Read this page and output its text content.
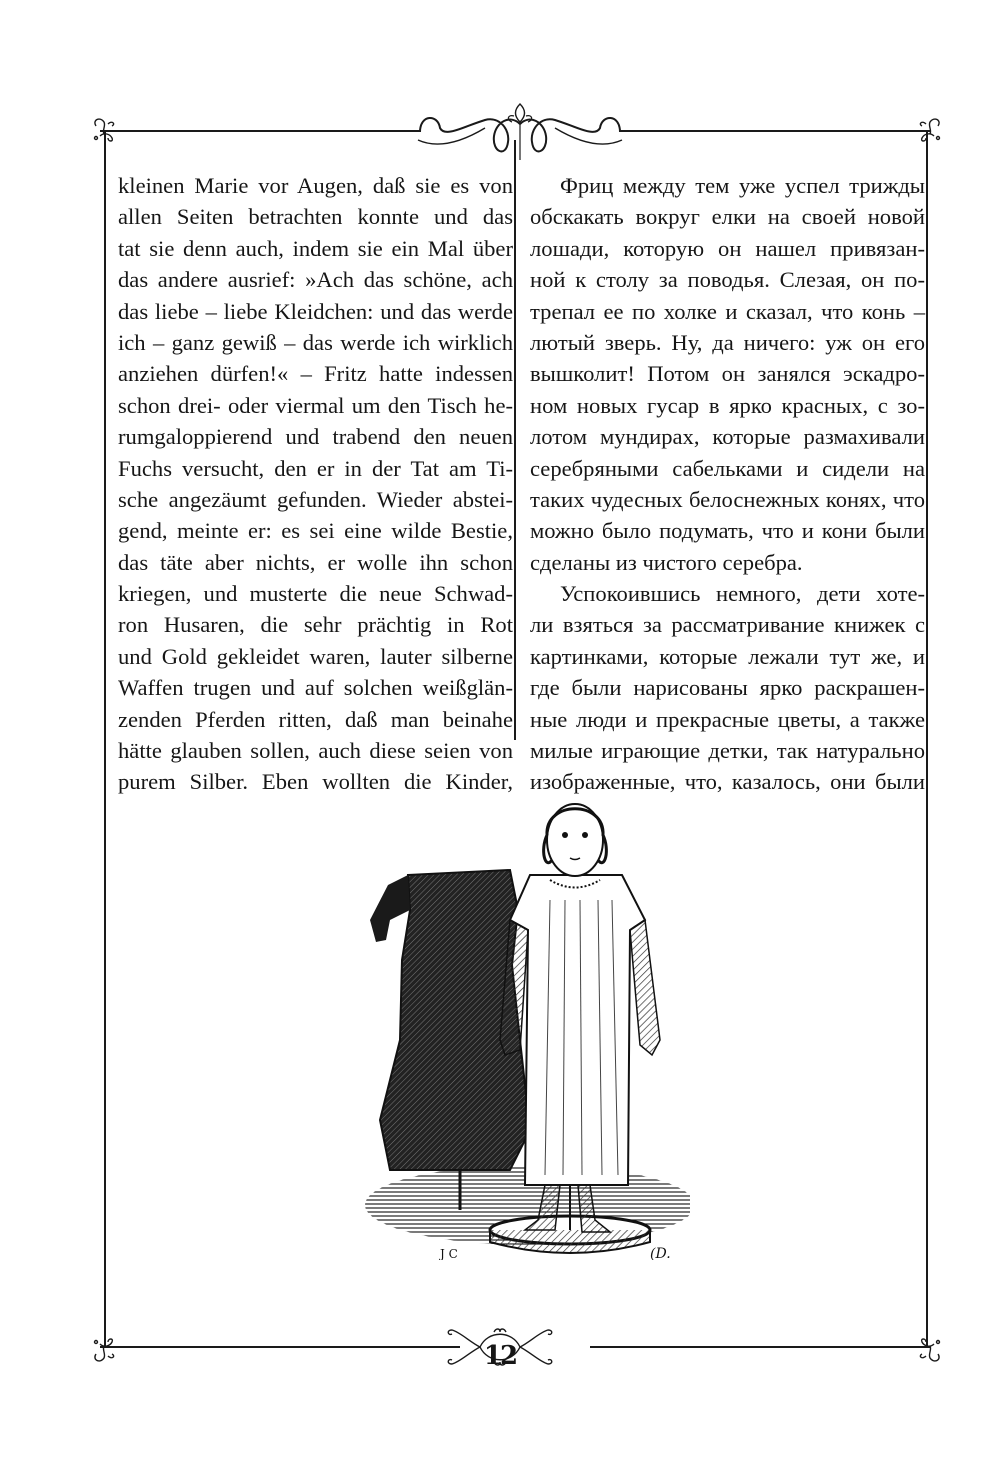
kleinen Marie vor Augen, daß sie es von
allen Seiten betrachten konnte und das
tat sie denn auch, indem sie ein Mal über
das andere ausrief: »Ach das schöne, ach
das liebe – liebe Kleidchen: und das werde
ich – ganz gewiß – das werde ich wirklich
anziehen dürfen!« – Fritz hatte indessen
schon drei- oder viermal um den Tisch he-
rumgaloppierend und trabend den neuen
Fuchs versucht, den er in der Tat am Ti-
sche angezäumt gefunden. Wieder abstei-
gend, meinte er: es sei eine wilde Bestie,
das täte aber nichts, er wolle ihn schon
kriegen, und musterte die neue Schwad-
ron Husaren, die sehr prächtig in Rot
und Gold gekleidet waren, lauter silberne
Waffen trugen und auf solchen weißglän-
zenden Pferden ritten, daß man beinahe
hätte glauben sollen, auch diese seien von
purem Silber. Eben wollten die Kinder,
Фриц между тем уже успел трижды
обскакать вокруг елки на своей новой
лошади, которую он нашел привязан-
ной к столу за поводья. Слезая, он по-
трепал ее по холке и сказал, что конь –
лютый зверь. Ну, да ничего: уж он его
вышколит! Потом он занялся эскадро-
ном новых гусар в ярко красных, с зо-
лотом мундирах, которые размахивали
серебряными сабельками и сидели на
таких чудесных белоснежных конях, что
можно было подумать, что и кони были
сделаны из чистого серебра.
Успокоившись немного, дети хоте-
ли взяться за рассматривание книжек с
картинками, которые лежали тут же, и
где были нарисованы ярко раскрашен-
ные люди и прекрасные цветы, а также
милые играющие детки, так натурально
изображенные, что, казалось, они были
J C	(D.
12
